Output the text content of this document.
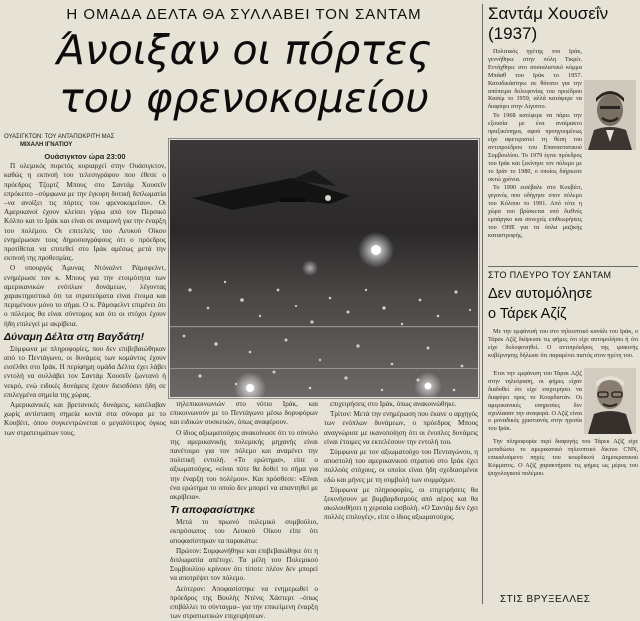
Η ΟΜΑΔΑ ΔΕΛΤΑ ΘΑ ΣΥΛΛΑΒΕΙ ΤΟΝ ΣΑΝΤΑΜ
Άνοιξαν οι πόρτες
του φρενοκομείου
ΟΥΑΣΙΓΚΤΟΝ: ΤΟΥ ΑΝΤΑΠΟΚΡΙΤΗ ΜΑΣ
ΜΙΧΑΛΗ ΙΓΝΑΤΙΟΥ

Ουάσιγκτον ώρα 23:00

Π ολεμικός πυρετός κυριαρχεί στην Ουάσιγκτον, καθώς η εκπνοή του τελεσιγράφου που έθεσε ο πρόεδρος Τζορτζ Μπους στο Σαντάμ Χουσεΐν επρόκειτο –σύμφωνα με την έγκυρη δυτική διπλωματία –να ανοίξει τις πόρτες του φρενοκομείου». Οι Αμερικανοί έχουν κλείσει γύρω από τον Περσικό Κόλπο και το Ιράκ και είναι σε αναμονή για την έναρξη του πολέμου. Οι επιτελείς του Λευκού Οίκου ενημέρωσαν τους δημοσιογράφους ότι ο πρόεδρος προτίθεται να επιτεθεί στο Ιράκ αμέσως μετά την εκπνοή της προθεσμίας.

Ο υπουργός Άμυνας Ντόναλντ Ράμσφελντ, ενημέρωσε τον κ. Μπους για την ετοιμότητα των αμερικανικών ενόπλων δυνάμεων, λέγοντας χαρακτηριστικά ότι τα στρατεύματα είναι έτοιμα και περιμένουν μόνο το σήμα. Ο κ. Ράμσφελντ επιμένει ότι ο πόλεμος θα είναι σύντομος και ότι οι στόχοι έχουν ήδη επιλεγεί με ακρίβεια.

Δύναμη Δέλτα στη Βαγδάτη!

Σύμφωνα με πληροφορίες, που δεν επιβεβαιώθηκαν από το Πεντάγωνο, οι δυνάμεις των κομάντος έχουν εισέλθει στο Ιράκ. Η περίφημη ομάδα Δέλτα έχει λάβει εντολή να συλλάβει τον Σαντάμ Χουσεΐν ζωντανό ή νεκρό, ενώ ειδικές δυνάμεις έχουν διεισδύσει ήδη σε επιλεγμένα σημεία της χώρας.

Αμερικανικές και βρετανικές δυνάμεις, κατέλαβαν χωρίς αντίσταση σημεία κοντά στα σύνορα με το Κουβέιτ, όπου συγκεντρώνεται ο μεγαλύτερος όγκος των στρατευμάτων τους.

τηλεπικοινωνιών στο νότιο Ιράκ, και επικοινωνούν με το Πεντάγωνο μέσω δορυφόρων και ειδικών συσκευών, όπως αναφέρουν.

Ο ίδιος αξιωματούχος ανακοίνωσε ότι το σύνολο της αμερικανικής πολεμικής μηχανής είναι πανέτοιμο για τον πόλεμο και αναμένει την πολιτική εντολή. «Το ερώτημα», είπε ο αξιωματούχος, «είναι πότε θα δοθεί το σήμα για την έναρξη του πολέμου». Και πρόσθεσε: «Είναι ένα ερώτημα το οποίο δεν μπορεί να απαντηθεί με ακρίβεια».

Τι αποφασίστηκε

Μετά το πρωινό πολεμικό συμβούλιο, εκπρόσωπος του Λευκού Οίκου είπε ότι αποφασίστηκαν τα παρακάτω:

Πρώτον: Συμφωνήθηκε και επιβεβαιώθηκε ότι η διπλωματία απέτυχε. Τα μέλη του Πολεμικού Συμβουλίου κρίνουν ότι τίποτε πλέον δεν μπορεί να αποτρέψει τον πόλεμο.

Δεύτερον: Αποφασίστηκε να ενημερωθεί ο πρόεδρος της Βουλής Ντένις Χάστερτ –όπως επιβάλλει το σύνταγμα– για την επικείμενη έναρξη των στρατιωτικών επιχειρήσεων.

επιχειρήσεις στο Ιράκ, όπως ανακοινώθηκε.

Τρίτον: Μετά την ενημέρωση που έκανε ο αρχηγός των ενόπλων δυνάμεων, ο πρόεδρος Μπους αναγνώρισε με ικανοποίηση ότι οι ένοπλες δυνάμεις είναι έτοιμες να εκτελέσουν την εντολή του.

Σύμφωνα με τον αξιωματούχο του Πενταγώνου, η αποστολή του αμερικανικού στρατού στο Ιράκ έχει πολλούς στόχους, οι οποίοι είναι ήδη σχεδιασμένοι εδώ και μήνες με τη συμβολή των συμμάχων.

Σύμφωνα με πληροφορίες, οι επιχειρήσεις θα ξεκινήσουν με βομβαρδισμούς από αέρος και θα ακολουθήσει η χερσαία εισβολή. «Ο Σαντάμ δεν έχει πολλές επιλογές», είπε ο ίδιος αξιωματούχος.

Σαντάμ Χουσεΐν
(1937)

Πολιτικός ηγέτης του Ιράκ, γεννήθηκε στην πόλη Τικρίτ. Εντάχθηκε στο σοσιαλιστικό κόμμα Μπάαθ του Ιράκ το 1957. Καταδικάστηκε σε θάνατο για την απόπειρα δολοφονίας του προέδρου Κασέμ το 1959, αλλά κατάφερε να διαφύγει στην Αίγυπτο.

Το 1968 κατέφερε να πάρει την εξουσία με ένα αναίμακτο πραξικόπημα, αφού προηγουμένως είχε σφετεριστεί τη θέση του αντιπροέδρου του Επαναστατικού Συμβουλίου. Το 1979 έγινε πρόεδρος του Ιράκ και ξεκίνησε τον πόλεμο με το Ιράν το 1980, ο οποίος διήρκεσε οκτώ χρόνια.

Το 1990 εισέβαλε στο Κουβέιτ, γεγονός που οδήγησε στον πόλεμο του Κόλπου το 1991. Από τότε η χώρα του βρίσκεται υπό διεθνές εμπάργκο και συνεχείς επιθεωρήσεις του ΟΗΕ για τα όπλα μαζικής καταστροφής.

ΣΤΟ ΠΛΕΥΡΟ ΤΟΥ ΣΑΝΤΑΜ
Δεν αυτομόλησε
ο Τάρεκ Αζίζ

Με την εμφάνισή του στο τηλεοπτικό κανάλι του Ιράκ, ο Τάρεκ Αζίζ διέψευσε τις φήμες ότι είχε αυτομολήσει ή ότι είχε δολοφονηθεί. Ο αντιπρόεδρος της ιρακινής κυβέρνησης δήλωσε ότι παραμένει πιστός στον ηγέτη του.

Έτσι την εμφάνιση του Τάρεκ Αζίζ στην τηλεόραση, οι φήμες είχαν διαδοθεί ότι είχε επιχειρήσει να διαφύγει προς το Κουρδιστάν. Οι αμερικανικές υπηρεσίες δεν σχολίασαν την αναφορά. Ο Αζίζ είναι ο μοναδικός χριστιανός στην ηγεσία του Ιράκ.

Την πληροφορία περί διαφυγής του Τάρεκ Αζίζ είχε μεταδώσει το αμερικανικό τηλεοπτικό δίκτυο CNN, επικαλούμενο πηγές του κουρδικού Δημοκρατικού Κόμματος. Ο Αζίζ χαρακτήρισε τις φήμες ως μέρος του ψυχολογικού πολέμου.

ΣΤΙΣ ΒΡΥΞΕΛΛΕΣ
